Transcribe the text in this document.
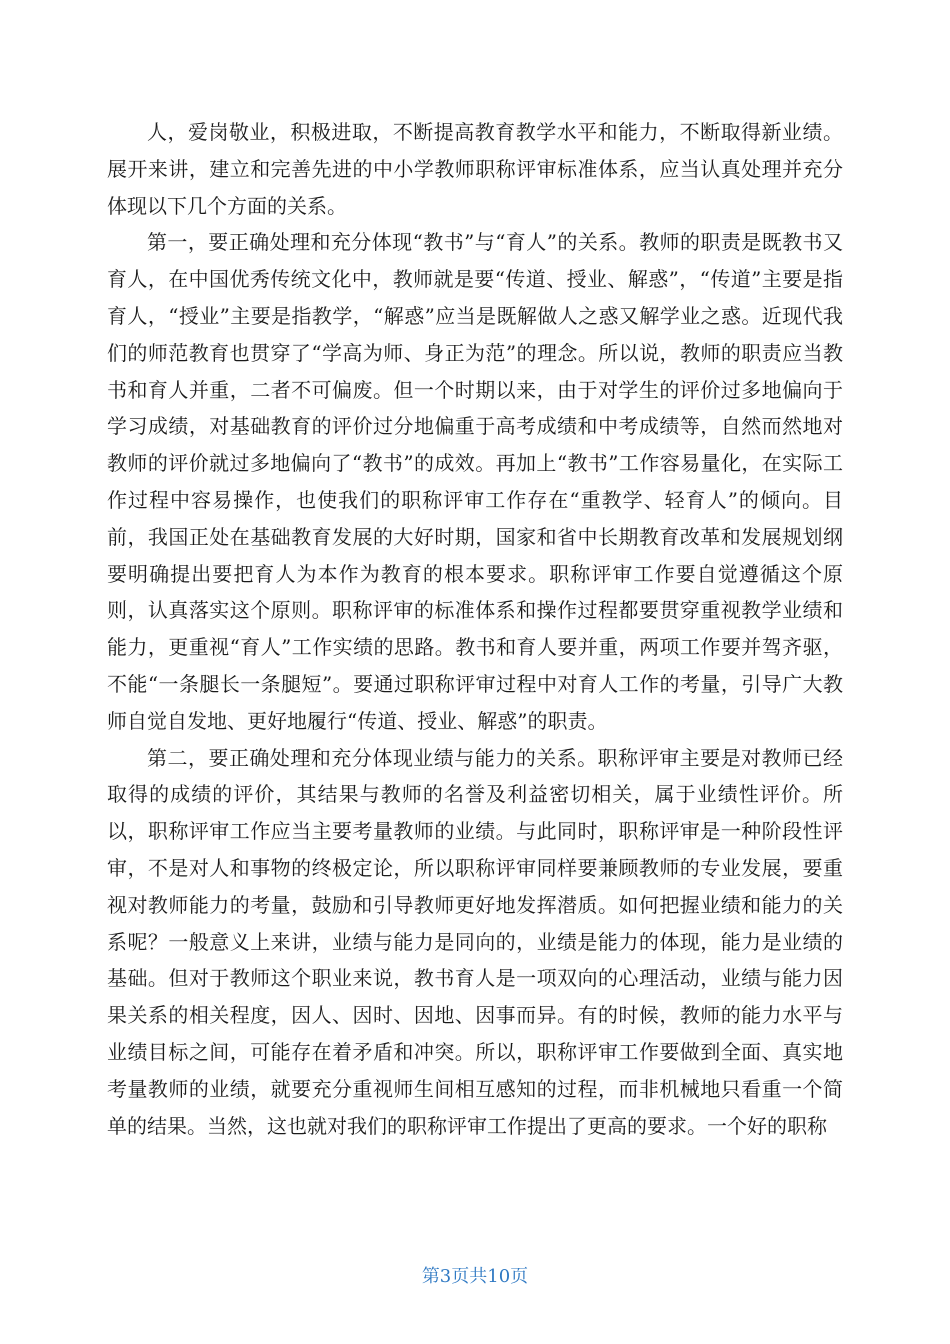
人，爱岗敬业，积极进取，不断提高教育教学水平和能力，不断取得新业绩。展开来讲，建立和完善先进的中小学教师职称评审标准体系，应当认真处理并充分体现以下几个方面的关系。

第一，要正确处理和充分体现“教书”与“育人”的关系。教师的职责是既教书又育人，在中国优秀传统文化中，教师就是要“传道、授业、解惑”，“传道”主要是指育人，“授业”主要是指教学，“解惑”应当是既解做人之惑又解学业之惑。近现代我们的师范教育也贯穿了“学高为师、身正为范”的理念。所以说，教师的职责应当教书和育人并重，二者不可偏废。但一个时期以来，由于对学生的评价过多地偏向于学习成绩，对基础教育的评价过分地偏重于高考成绩和中考成绩等，自然而然地对教师的评价就过多地偏向了“教书”的成效。再加上“教书”工作容易量化，在实际工作过程中容易操作，也使我们的职称评审工作存在“重教学、轻育人”的倾向。目前，我国正处在基础教育发展的大好时期，国家和省中长期教育改革和发展规划纲要明确提出要把育人为本作为教育的根本要求。职称评审工作要自觉遵循这个原则，认真落实这个原则。职称评审的标准体系和操作过程都要贯穿重视教学业绩和能力，更重视“育人”工作实绩的思路。教书和育人要并重，两项工作要并驾齐驱，不能“一条腿长一条腿短”。要通过职称评审过程中对育人工作的考量，引导广大教师自觉自发地、更好地履行“传道、授业、解惑”的职责。

第二，要正确处理和充分体现业绩与能力的关系。职称评审主要是对教师已经取得的成绩的评价，其结果与教师的名誉及利益密切相关，属于业绩性评价。所以，职称评审工作应当主要考量教师的业绩。与此同时，职称评审是一种阶段性评审，不是对人和事物的终极定论，所以职称评审同样要兼顾教师的专业发展，要重视对教师能力的考量，鼓励和引导教师更好地发挥潜质。如何把握业绩和能力的关系呢？一般意义上来讲，业绩与能力是同向的，业绩是能力的体现，能力是业绩的基础。但对于教师这个职业来说，教书育人是一项双向的心理活动，业绩与能力因果关系的相关程度，因人、因时、因地、因事而异。有的时候，教师的能力水平与业绩目标之间，可能存在着矛盾和冲突。所以，职称评审工作要做到全面、真实地考量教师的业绩，就要充分重视师生间相互感知的过程，而非机械地只看重一个简单的结果。当然，这也就对我们的职称评审工作提出了更高的要求。一个好的职称

第3页共10页
